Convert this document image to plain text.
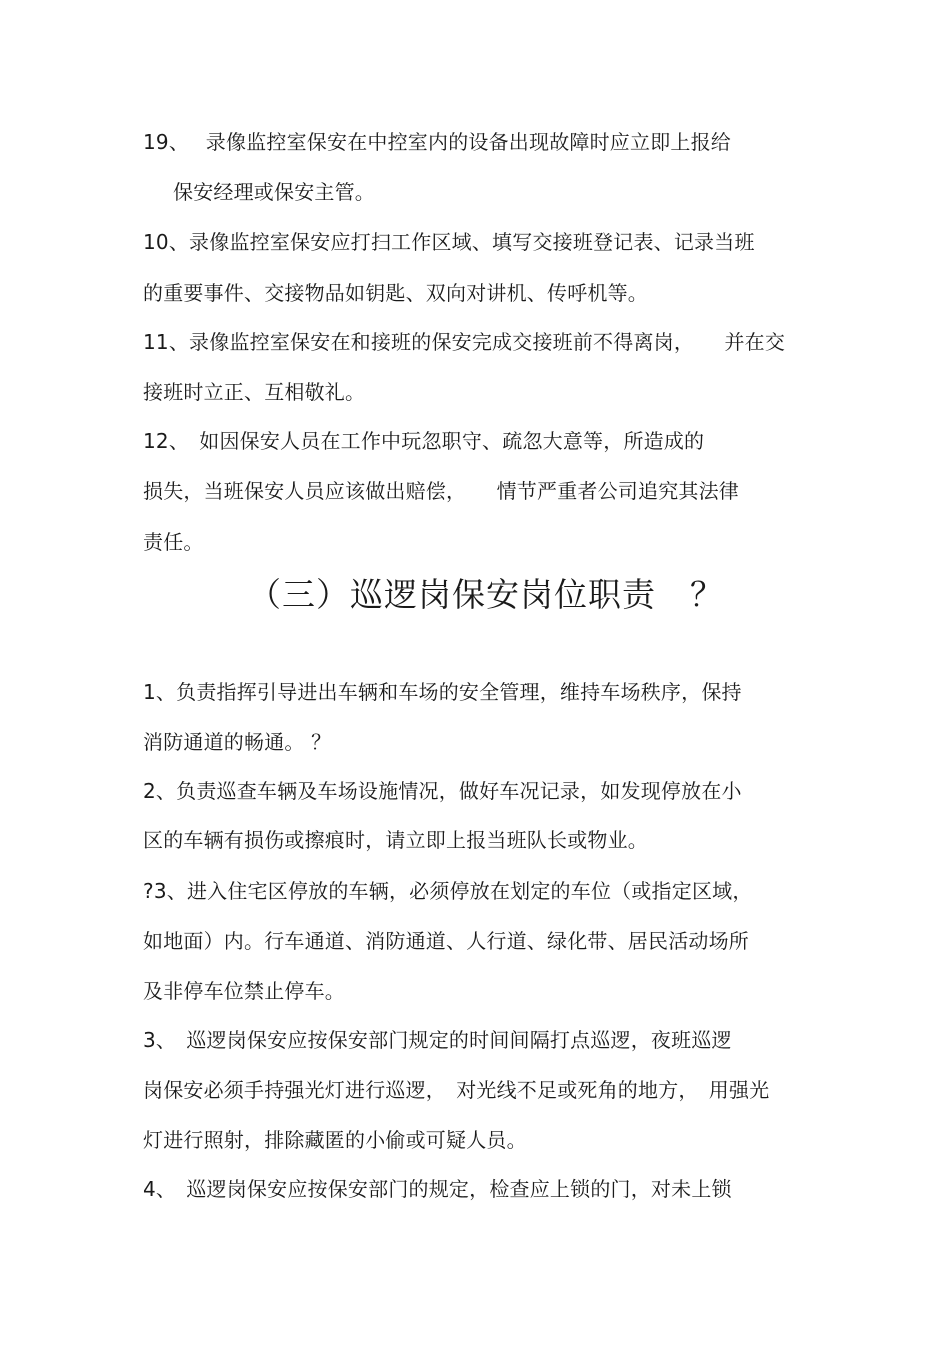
19、　 录像监控室保安在中控室内的设备出现故障时应立即上报给
保安经理或保安主管。
10、录像监控室保安应打扫工作区域、填写交接班登记表、记录当班
的重要事件、交接物品如钥匙、双向对讲机、传呼机等。
11、录像监控室保安在和接班的保安完成交接班前不得离岗，　　并在交
接班时立正、互相敬礼。
12、　如因保安人员在工作中玩忽职守、疏忽大意等，所造成的
损失，当班保安人员应该做出赔偿，　　情节严重者公司追究其法律
责任。
（三）巡逻岗保安岗位职责　？
1、负责指挥引导进出车辆和车场的安全管理，维持车场秩序，保持
消防通道的畅通。 ？
2、负责巡查车辆及车场设施情况，做好车况记录，如发现停放在小
区的车辆有损伤或擦痕时，请立即上报当班队长或物业。
?3、进入住宅区停放的车辆，必须停放在划定的车位（或指定区域，
如地面）内。行车通道、消防通道、人行道、绿化带、居民活动场所
及非停车位禁止停车。
3、　巡逻岗保安应按保安部门规定的时间间隔打点巡逻，夜班巡逻
岗保安必须手持强光灯进行巡逻，　对光线不足或死角的地方，　用强光
灯进行照射，排除藏匿的小偷或可疑人员。
4、　巡逻岗保安应按保安部门的规定，检查应上锁的门，对未上锁
